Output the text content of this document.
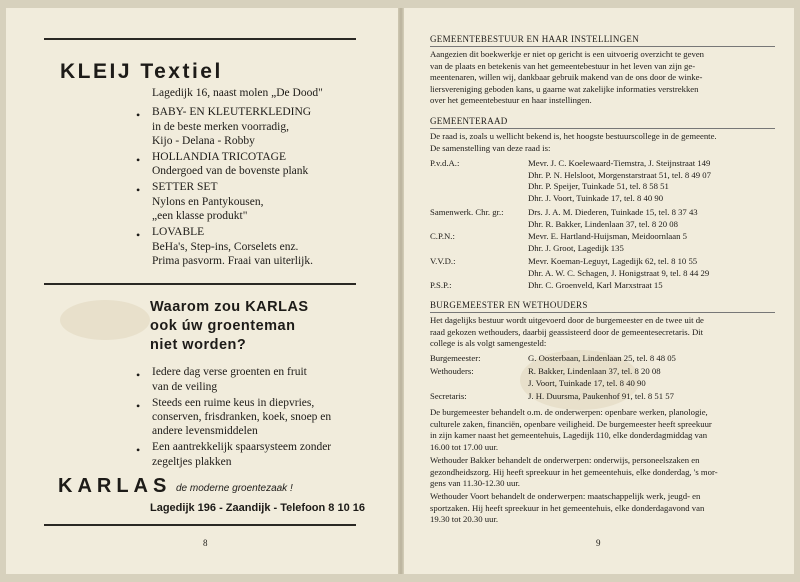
KLEIJ Textiel
Lagedijk 16, naast molen „De Dood"
• BABY- EN KLEUTERKLEDING
in de beste merken voorradig,
Kijo - Delana - Robby
• HOLLANDIA TRICOTAGE
Ondergoed van de bovenste plank
• SETTER SET
Nylons en Pantykousen,
„een klasse produkt"
• LOVABLE
BeHa's, Step-ins, Corselets enz.
Prima pasvorm. Fraai van uiterlijk.
Waarom zou KARLAS
ook úw groenteman
niet worden?
• Iedere dag verse groenten en fruit
van de veiling
• Steeds een ruime keus in diepvries,
conserven, frisdranken, koek, snoep en
andere levensmiddelen
• Een aantrekkelijk spaarsysteem zonder
zegeltjes plakken
KARLAS de moderne groentezaak !
Lagedijk 196 - Zaandijk - Telefoon 8 10 16
8
GEMEENTEBESTUUR EN HAAR INSTELLINGEN
Aangezien dit boekwerkje er niet op gericht is een uitvoerig overzicht te geven
van de plaats en betekenis van het gemeentebestuur in het leven van zijn ge-
meentenaren, willen wij, dankbaar gebruik makend van de ons door de winke-
liersvereniging geboden kans, u gaarne wat zakelijke informaties verstrekken
over het gemeentebestuur en haar instellingen.
GEMEENTERAAD
De raad is, zoals u wellicht bekend is, het hoogste bestuurscollege in de gemeente.
De samenstelling van deze raad is:
P.v.d.A.:	Mevr. J. C. Koelewaard-Tiemstra, J. Steijnstraat 149
Dhr. P. N. Helsloot, Morgenstarstraat 51, tel. 8 49 07
Dhr. P. Speijer, Tuinkade 51, tel. 8 58 51
Dhr. J. Voort, Tuinkade 17, tel. 8 40 90
Samenwerk. Chr. gr.:	Drs. J. A. M. Diederen, Tuinkade 15, tel. 8 37 43
Dhr. R. Bakker, Lindenlaan 37, tel. 8 20 08
C.P.N.:	Mevr. E. Hartland-Huijsman, Meidoornlaan 5
Dhr. J. Groot, Lagedijk 135
V.V.D.:	Mevr. Koeman-Leguyt, Lagedijk 62, tel. 8 10 55
Dhr. A. W. C. Schagen, J. Honigstraat 9, tel. 8 44 29
P.S.P.:	Dhr. C. Groenveld, Karl Marxstraat 15
BURGEMEESTER EN WETHOUDERS
Het dagelijks bestuur wordt uitgevoerd door de burgemeester en de twee uit de
raad gekozen wethouders, daarbij geassisteerd door de gemeentesecretaris. Dit
college is als volgt samengesteld:
Burgemeester:	G. Oosterbaan, Lindenlaan 25, tel. 8 48 05
Wethouders:	R. Bakker, Lindenlaan 37, tel. 8 20 08
J. Voort, Tuinkade 17, tel. 8 40 90
Secretaris:	J. H. Duursma, Paukenhof 91, tel. 8 51 57
De burgemeester behandelt o.m. de onderwerpen: openbare werken, planologie,
culturele zaken, financiën, openbare veiligheid. De burgemeester heeft spreekuur
in zijn kamer naast het gemeentehuis, Lagedijk 110, elke donderdagmiddag van
16.00 tot 17.00 uur.
Wethouder Bakker behandelt de onderwerpen: onderwijs, personeelszaken en
gezondheidszorg. Hij heeft spreekuur in het gemeentehuis, elke donderdag, 's mor-
gens van 11.30-12.30 uur.
Wethouder Voort behandelt de onderwerpen: maatschappelijk werk, jeugd- en
sportzaken. Hij heeft spreekuur in het gemeentehuis, elke donderdagavond van
19.30 tot 20.30 uur.
9
